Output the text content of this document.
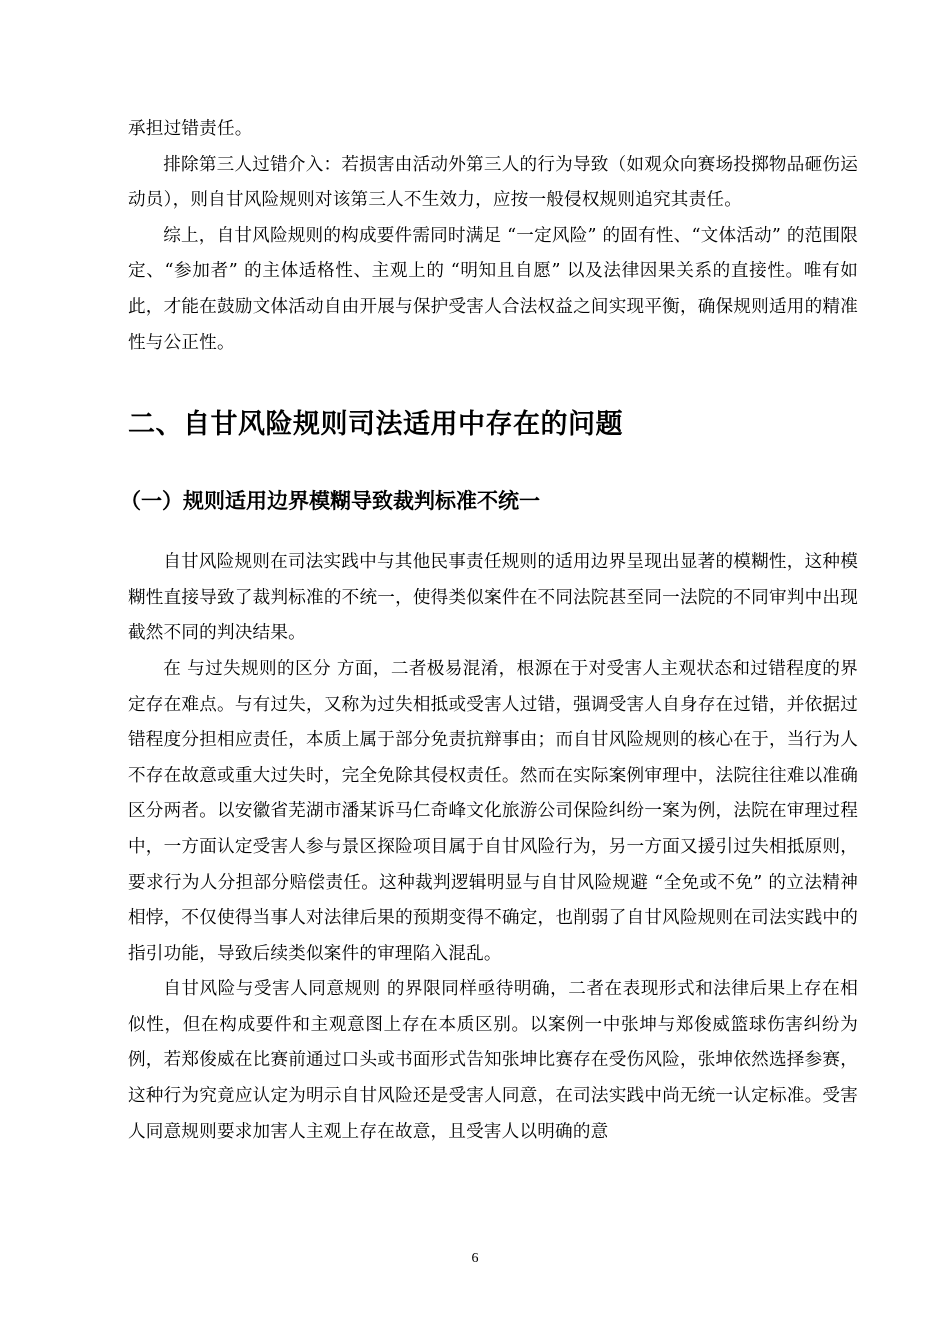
承担过错责任。

排除第三人过错介入：若损害由活动外第三人的行为导致（如观众向赛场投掷物品砸伤运动员），则自甘风险规则对该第三人不生效力，应按一般侵权规则追究其责任。

综上，自甘风险规则的构成要件需同时满足 “一定风险” 的固有性、“文体活动” 的范围限定、“参加者” 的主体适格性、主观上的 “明知且自愿” 以及法律因果关系的直接性。唯有如此，才能在鼓励文体活动自由开展与保护受害人合法权益之间实现平衡，确保规则适用的精准性与公正性。

二、自甘风险规则司法适用中存在的问题
（一）规则适用边界模糊导致裁判标准不统一

自甘风险规则在司法实践中与其他民事责任规则的适用边界呈现出显著的模糊性，这种模糊性直接导致了裁判标准的不统一，使得类似案件在不同法院甚至同一法院的不同审判中出现截然不同的判决结果。

在 与过失规则的区分 方面，二者极易混淆，根源在于对受害人主观状态和过错程度的界定存在难点。与有过失，又称为过失相抵或受害人过错，强调受害人自身存在过错，并依据过错程度分担相应责任，本质上属于部分免责抗辩事由；而自甘风险规则的核心在于，当行为人不存在故意或重大过失时，完全免除其侵权责任。然而在实际案例审理中，法院往往难以准确区分两者。以安徽省芜湖市潘某诉马仁奇峰文化旅游公司保险纠纷一案为例，法院在审理过程中，一方面认定受害人参与景区探险项目属于自甘风险行为，另一方面又援引过失相抵原则，要求行为人分担部分赔偿责任。这种裁判逻辑明显与自甘风险规避 “全免或不免” 的立法精神相悖，不仅使得当事人对法律后果的预期变得不确定，也削弱了自甘风险规则在司法实践中的指引功能，导致后续类似案件的审理陷入混乱。

自甘风险与受害人同意规则 的界限同样亟待明确，二者在表现形式和法律后果上存在相似性，但在构成要件和主观意图上存在本质区别。以案例一中张坤与郑俊威篮球伤害纠纷为例，若郑俊威在比赛前通过口头或书面形式告知张坤比赛存在受伤风险，张坤依然选择参赛，这种行为究竟应认定为明示自甘风险还是受害人同意，在司法实践中尚无统一认定标准。受害人同意规则要求加害人主观上存在故意，且受害人以明确的意

6
